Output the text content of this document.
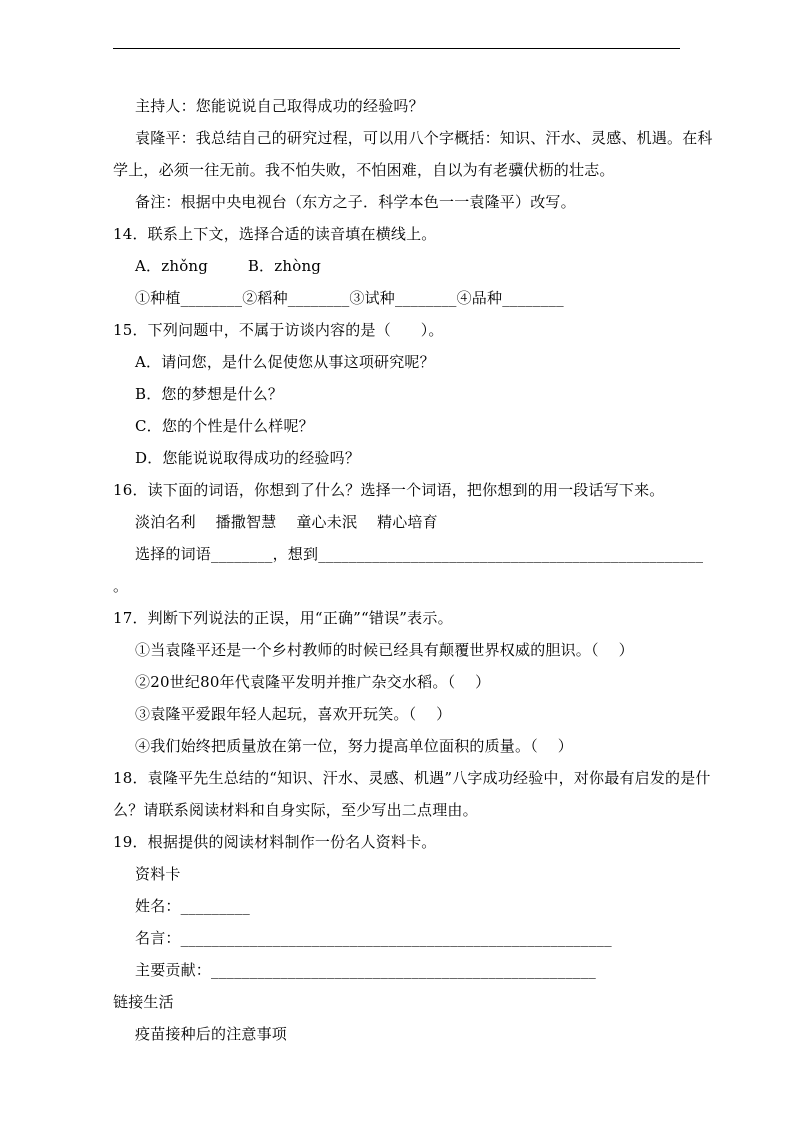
主持人：您能说说自己取得成功的经验吗？

袁隆平：我总结自己的研究过程，可以用八个字概括：知识、汗水、灵感、机遇。在科

学上，必须一往无前。我不怕失败，不怕困难，自以为有老骥伏枥的壮志。

备注：根据中央电视台（东方之子．科学本色一一袁隆平）改写。

14．联系上下文，选择合适的读音填在横线上。

A．zhǒng        B．zhòng

①种植________②稻种________③试种________④品种________

15．下列问题中，不属于访谈内容的是（      ）。

A．请问您，是什么促使您从事这项研究呢？

B．您的梦想是什么？

C．您的个性是什么样呢？

D．您能说说取得成功的经验吗？

16．读下面的词语，你想到了什么？选择一个词语，把你想到的用一段话写下来。

淡泊名利    播撒智慧    童心未泯    精心培育

选择的词语________，想到__________________________________________________

。

17．判断下列说法的正误，用“正确”“错误”表示。

①当袁隆平还是一个乡村教师的时候已经具有颠覆世界权威的胆识。（    ）

②20世纪80年代袁隆平发明并推广杂交水稻。（    ）

③袁隆平爱跟年轻人起玩，喜欢开玩笑。（    ）

④我们始终把质量放在第一位，努力提高单位面积的质量。（    ）

18．袁隆平先生总结的“知识、汗水、灵感、机遇”八字成功经验中，对你最有启发的是什

么？请联系阅读材料和自身实际，至少写出二点理由。

19．根据提供的阅读材料制作一份名人资料卡。

资料卡

姓名：_________

名言：________________________________________________________

主要贡献：__________________________________________________

链接生活

疫苗接种后的注意事项
